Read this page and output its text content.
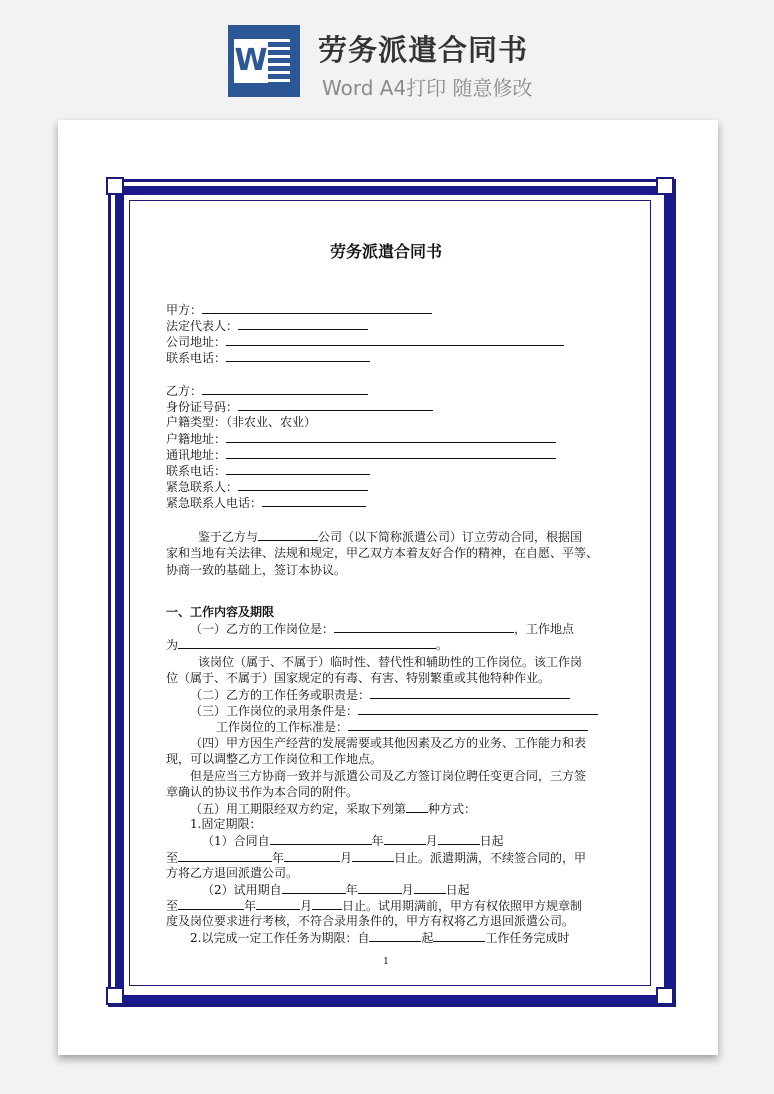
W 劳务派遣合同书
Word A4打印 随意修改
劳务派遣合同书
甲方：
法定代表人：
公司地址：
联系电话：
乙方：
身份证号码：
户籍类型：（非农业、农业）
户籍地址：
通讯地址：
联系电话：
紧急联系人：
紧急联系人电话：
鉴于乙方与	公司（以下简称派遣公司）订立劳动合同，根据国
家和当地有关法律、法规和规定，甲乙双方本着友好合作的精神，在自愿、平等、
协商一致的基础上，签订本协议。
一、工作内容及期限
（一）乙方的工作岗位是：	，工作地点
为	。
该岗位（属于、不属于）临时性、替代性和辅助性的工作岗位。该工作岗
位（属于、不属于）国家规定的有毒、有害、特别繁重或其他特种作业。
（二）乙方的工作任务或职责是：
（三）工作岗位的录用条件是：
工作岗位的工作标准是：
（四）甲方因生产经营的发展需要或其他因素及乙方的业务、工作能力和表
现，可以调整乙方工作岗位和工作地点。
但是应当三方协商一致并与派遣公司及乙方签订岗位聘任变更合同，三方签
章确认的协议书作为本合同的附件。
（五）用工期限经双方约定，采取下列第 种方式：
1.固定期限：
（1）合同自	年	月	日起
至	年	月	日止。派遣期满，不续签合同的，甲
方将乙方退回派遣公司。
（2）试用期自	年	月	日起
至	年	月	日止。试用期满前，甲方有权依照甲方规章制
度及岗位要求进行考核，不符合录用条件的，甲方有权将乙方退回派遣公司。
2.以完成一定工作任务为期限：自	起	工作任务完成时
1
